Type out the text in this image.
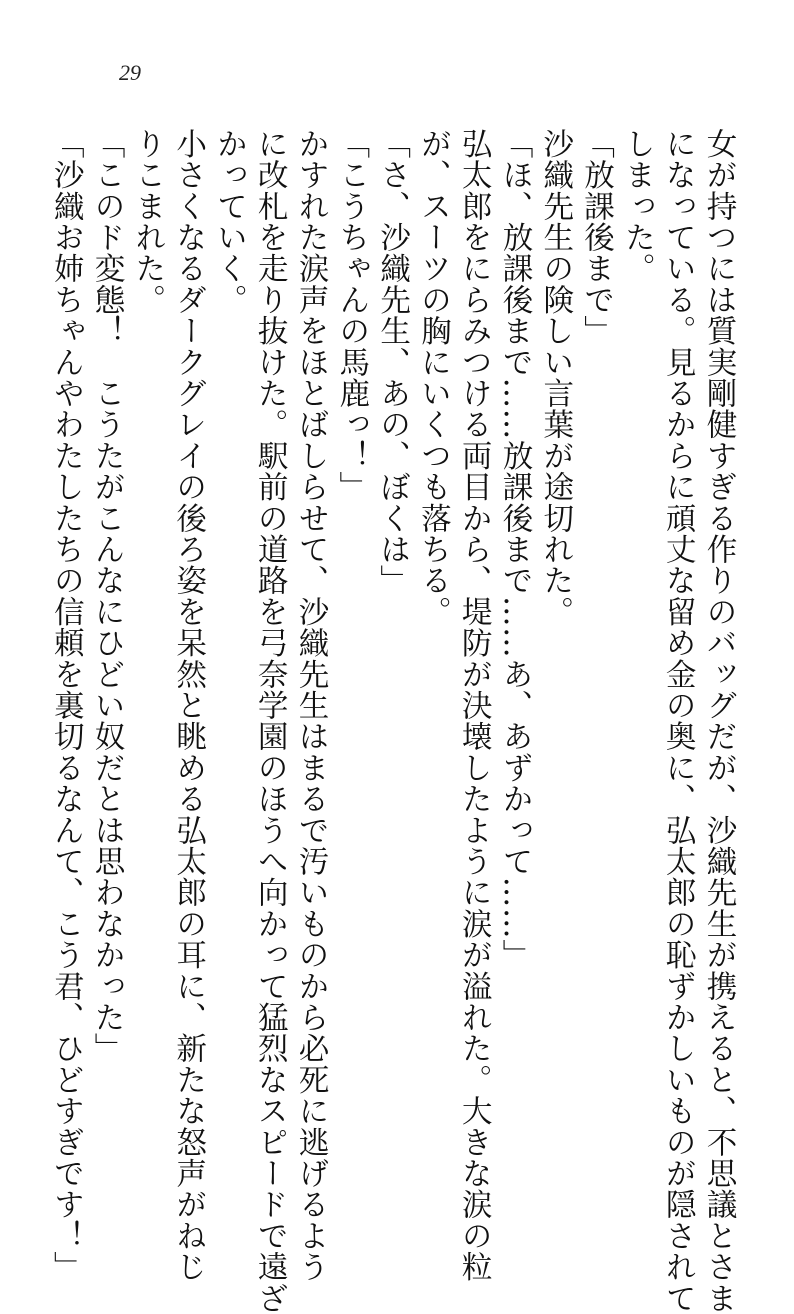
29
女が持つには質実剛健すぎる作りのバッグだが、沙織先生が携えると、不思議とさま
になっている。見るからに頑丈な留め金の奥に、弘太郎の恥ずかしいものが隠されて
しまった。
「放課後まで」
沙織先生の険しい言葉が途切れた。
「ほ、放課後まで……放課後まで……あ、あずかって……」
弘太郎をにらみつける両目から、堤防が決壊したように涙が溢れた。大きな涙の粒
が、スーツの胸にいくつも落ちる。
「さ、沙織先生、あの、ぼくは」
「こうちゃんの馬鹿っ！」
かすれた涙声をほとばしらせて、沙織先生はまるで汚いものから必死に逃げるよう
に改札を走り抜けた。駅前の道路を弓奈学園のほうへ向かって猛烈なスピードで遠ざ
かっていく。
小さくなるダークグレイの後ろ姿を呆然と眺める弘太郎の耳に、新たな怒声がねじ
りこまれた。
「このド変態！　こうたがこんなにひどい奴だとは思わなかった」
「沙織お姉ちゃんやわたしたちの信頼を裏切るなんて、こう君、ひどすぎです！」
